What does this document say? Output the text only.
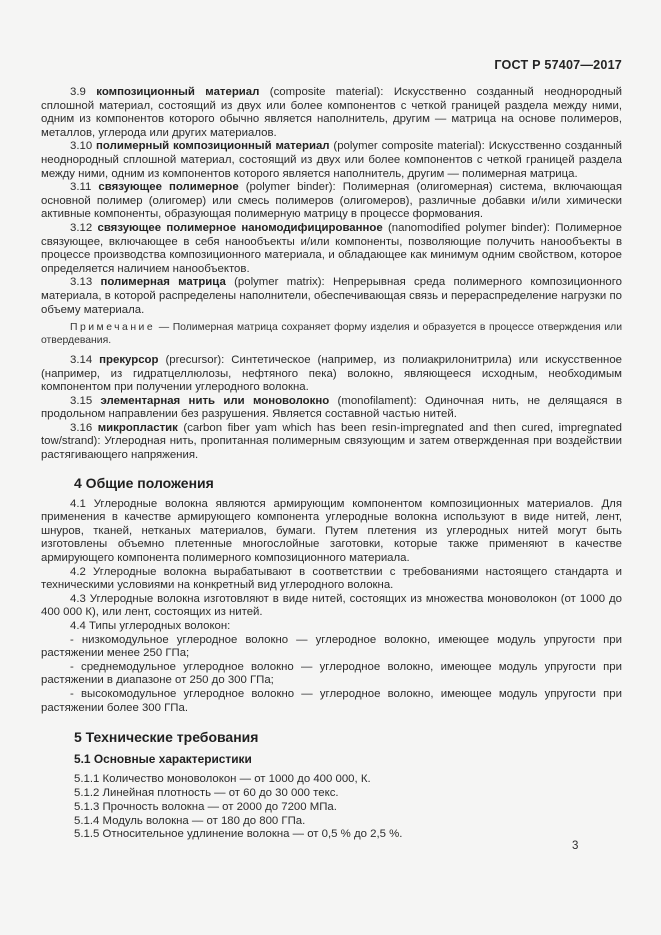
ГОСТ Р 57407—2017

3.9 композиционный материал (composite material): Искусственно созданный неоднородный сплошной материал, состоящий из двух или более компонентов с четкой границей раздела между ними, одним из компонентов которого обычно является наполнитель, другим — матрица на основе полимеров, металлов, углерода или других материалов.

3.10 полимерный композиционный материал (polymer composite material): Искусственно созданный неоднородный сплошной материал, состоящий из двух или более компонентов с четкой границей раздела между ними, одним из компонентов которого является наполнитель, другим — полимерная матрица.

3.11 связующее полимерное (polymer binder): Полимерная (олигомерная) система, включающая основной полимер (олигомер) или смесь полимеров (олигомеров), различные добавки и/или химически активные компоненты, образующая полимерную матрицу в процессе формования.

3.12 связующее полимерное наномодифицированное (nanomodified polymer binder): Полимерное связующее, включающее в себя нанообъекты и/или компоненты, позволяющие получить нанообъекты в процессе производства композиционного материала, и обладающее как минимум одним свойством, которое определяется наличием нанообъектов.

3.13 полимерная матрица (polymer matrix): Непрерывная среда полимерного композиционного материала, в которой распределены наполнители, обеспечивающая связь и перераспределение нагрузки по объему материала.

Примечание — Полимерная матрица сохраняет форму изделия и образуется в процессе отверждения или отвердевания.

3.14 прекурсор (precursor): Синтетическое (например, из полиакрилонитрила) или искусственное (например, из гидратцеллюлозы, нефтяного пека) волокно, являющееся исходным, необходимым компонентом при получении углеродного волокна.

3.15 элементарная нить или моноволокно (monofilament): Одиночная нить, не делящаяся в продольном направлении без разрушения. Является составной частью нитей.

3.16 микропластик (carbon fiber yam which has been resin-impregnated and then cured, impregnated tow/strand): Углеродная нить, пропитанная полимерным связующим и затем отвержденная при воздействии растягивающего напряжения.

4 Общие положения

4.1 Углеродные волокна являются армирующим компонентом композиционных материалов. Для применения в качестве армирующего компонента углеродные волокна используют в виде нитей, лент, шнуров, тканей, нетканых материалов, бумаги. Путем плетения из углеродных нитей могут быть изготовлены объемно плетенные многослойные заготовки, которые также применяют в качестве армирующего компонента полимерного композиционного материала.

4.2 Углеродные волокна вырабатывают в соответствии с требованиями настоящего стандарта и техническими условиями на конкретный вид углеродного волокна.

4.3 Углеродные волокна изготовляют в виде нитей, состоящих из множества моноволокон (от 1000 до 400 000 К), или лент, состоящих из нитей.

4.4 Типы углеродных волокон:

- низкомодульное углеродное волокно — углеродное волокно, имеющее модуль упругости при растяжении менее 250 ГПа;

- среднемодульное углеродное волокно — углеродное волокно, имеющее модуль упругости при растяжении в диапазоне от 250 до 300 ГПа;

- высокомодульное углеродное волокно — углеродное волокно, имеющее модуль упругости при растяжении более 300 ГПа.

5 Технические требования
5.1 Основные характеристики

5.1.1 Количество моноволокон — от 1000 до 400 000, К.

5.1.2 Линейная плотность — от 60 до 30 000 текс.

5.1.3 Прочность волокна — от 2000 до 7200 МПа.

5.1.4 Модуль волокна — от 180 до 800 ГПа.

5.1.5 Относительное удлинение волокна — от 0,5 % до 2,5 %.

3
